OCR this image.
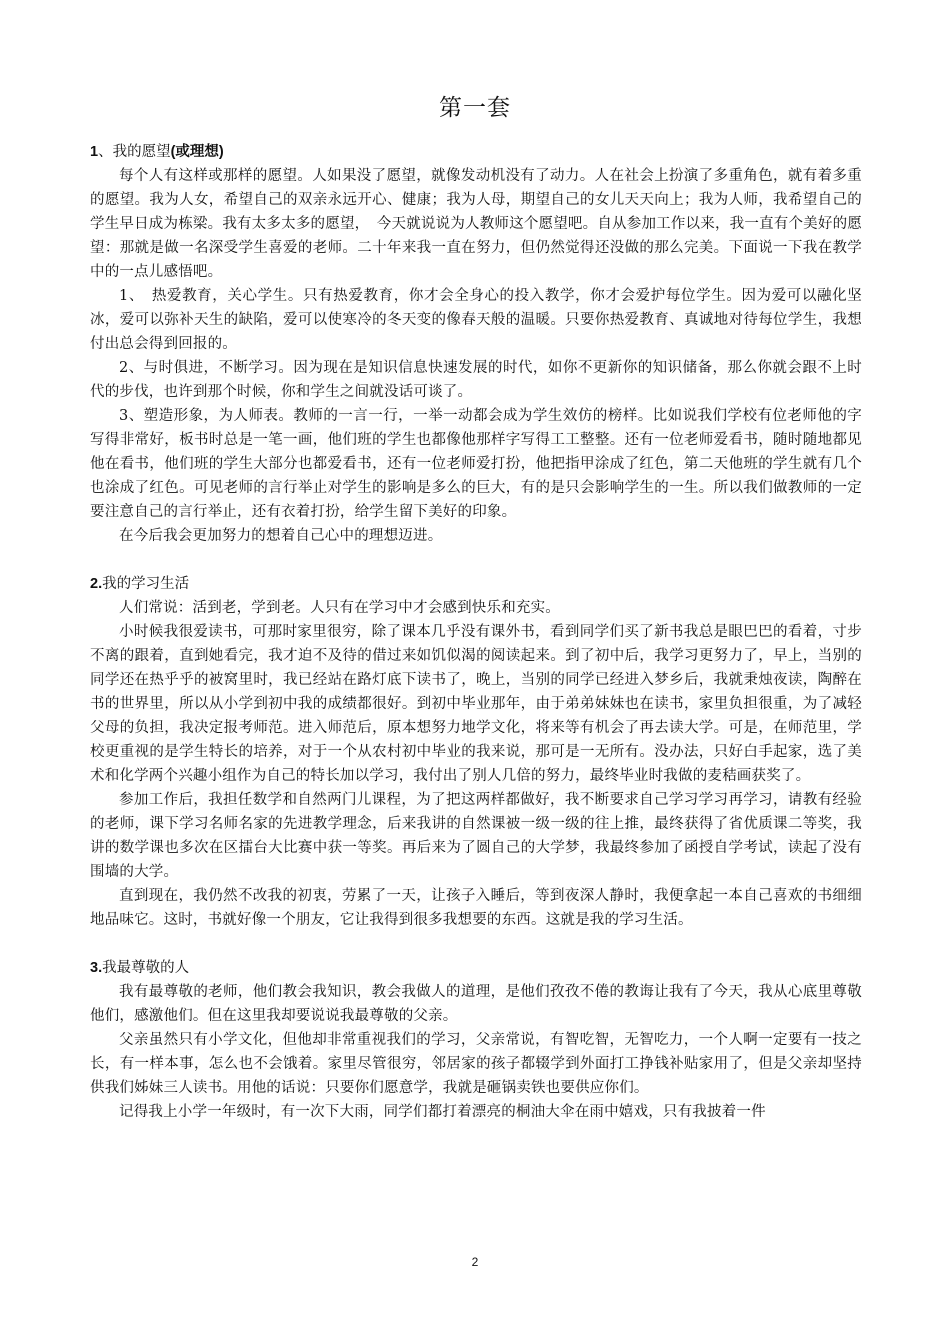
第一套

1、我的愿望(或理想)

每个人有这样或那样的愿望。人如果没了愿望，就像发动机没有了动力。人在社会上扮演了多重角色，就有着多重的愿望。我为人女，希望自己的双亲永远开心、健康；我为人母，期望自己的女儿天天向上；我为人师，我希望自己的学生早日成为栋梁。我有太多太多的愿望，　今天就说说为人教师这个愿望吧。自从参加工作以来，我一直有个美好的愿望：那就是做一名深受学生喜爱的老师。二十年来我一直在努力，但仍然觉得还没做的那么完美。下面说一下我在教学中的一点儿感悟吧。

1、　热爱教育，关心学生。只有热爱教育，你才会全身心的投入教学，你才会爱护每位学生。因为爱可以融化坚冰，爱可以弥补天生的缺陷，爱可以使寒冷的冬天变的像春天般的温暖。只要你热爱教育、真诚地对待每位学生，我想付出总会得到回报的。

2、与时俱进，不断学习。因为现在是知识信息快速发展的时代，如你不更新你的知识储备，那么你就会跟不上时代的步伐，也许到那个时候，你和学生之间就没话可谈了。

3、塑造形象，为人师表。教师的一言一行，一举一动都会成为学生效仿的榜样。比如说我们学校有位老师他的字写得非常好，板书时总是一笔一画，他们班的学生也都像他那样字写得工工整整。还有一位老师爱看书，随时随地都见他在看书，他们班的学生大部分也都爱看书，还有一位老师爱打扮，他把指甲涂成了红色，第二天他班的学生就有几个也涂成了红色。可见老师的言行举止对学生的影响是多么的巨大，有的是只会影响学生的一生。所以我们做教师的一定要注意自己的言行举止，还有衣着打扮，给学生留下美好的印象。

在今后我会更加努力的想着自己心中的理想迈进。

2.我的学习生活

人们常说：活到老，学到老。人只有在学习中才会感到快乐和充实。

小时候我很爱读书，可那时家里很穷，除了课本几乎没有课外书，看到同学们买了新书我总是眼巴巴的看着，寸步不离的跟着，直到她看完，我才迫不及待的借过来如饥似渴的阅读起来。到了初中后，我学习更努力了，早上，当别的同学还在热乎乎的被窝里时，我已经站在路灯底下读书了，晚上，当别的同学已经进入梦乡后，我就秉烛夜读，陶醉在书的世界里，所以从小学到初中我的成绩都很好。到初中毕业那年，由于弟弟妹妹也在读书，家里负担很重，为了减轻父母的负担，我决定报考师范。进入师范后，原本想努力地学文化，将来等有机会了再去读大学。可是，在师范里，学校更重视的是学生特长的培养，对于一个从农村初中毕业的我来说，那可是一无所有。没办法，只好白手起家，选了美术和化学两个兴趣小组作为自己的特长加以学习，我付出了别人几倍的努力，最终毕业时我做的麦秸画获奖了。

参加工作后，我担任数学和自然两门儿课程，为了把这两样都做好，我不断要求自己学习学习再学习，请教有经验的老师，课下学习名师名家的先进教学理念，后来我讲的自然课被一级一级的往上推，最终获得了省优质课二等奖，我讲的数学课也多次在区擂台大比赛中获一等奖。再后来为了圆自己的大学梦，我最终参加了函授自学考试，读起了没有围墙的大学。

直到现在，我仍然不改我的初衷，劳累了一天，让孩子入睡后，等到夜深人静时，我便拿起一本自己喜欢的书细细地品味它。这时，书就好像一个朋友，它让我得到很多我想要的东西。这就是我的学习生活。

3.我最尊敬的人

我有最尊敬的老师，他们教会我知识，教会我做人的道理，是他们孜孜不倦的教诲让我有了今天，我从心底里尊敬他们，感激他们。但在这里我却要说说我最尊敬的父亲。

父亲虽然只有小学文化，但他却非常重视我们的学习，父亲常说，有智吃智，无智吃力，一个人啊一定要有一技之长，有一样本事，怎么也不会饿着。家里尽管很穷，邻居家的孩子都辍学到外面打工挣钱补贴家用了，但是父亲却坚持供我们姊妹三人读书。用他的话说：只要你们愿意学，我就是砸锅卖铁也要供应你们。

记得我上小学一年级时，有一次下大雨，同学们都打着漂亮的桐油大伞在雨中嬉戏，只有我披着一件

2
